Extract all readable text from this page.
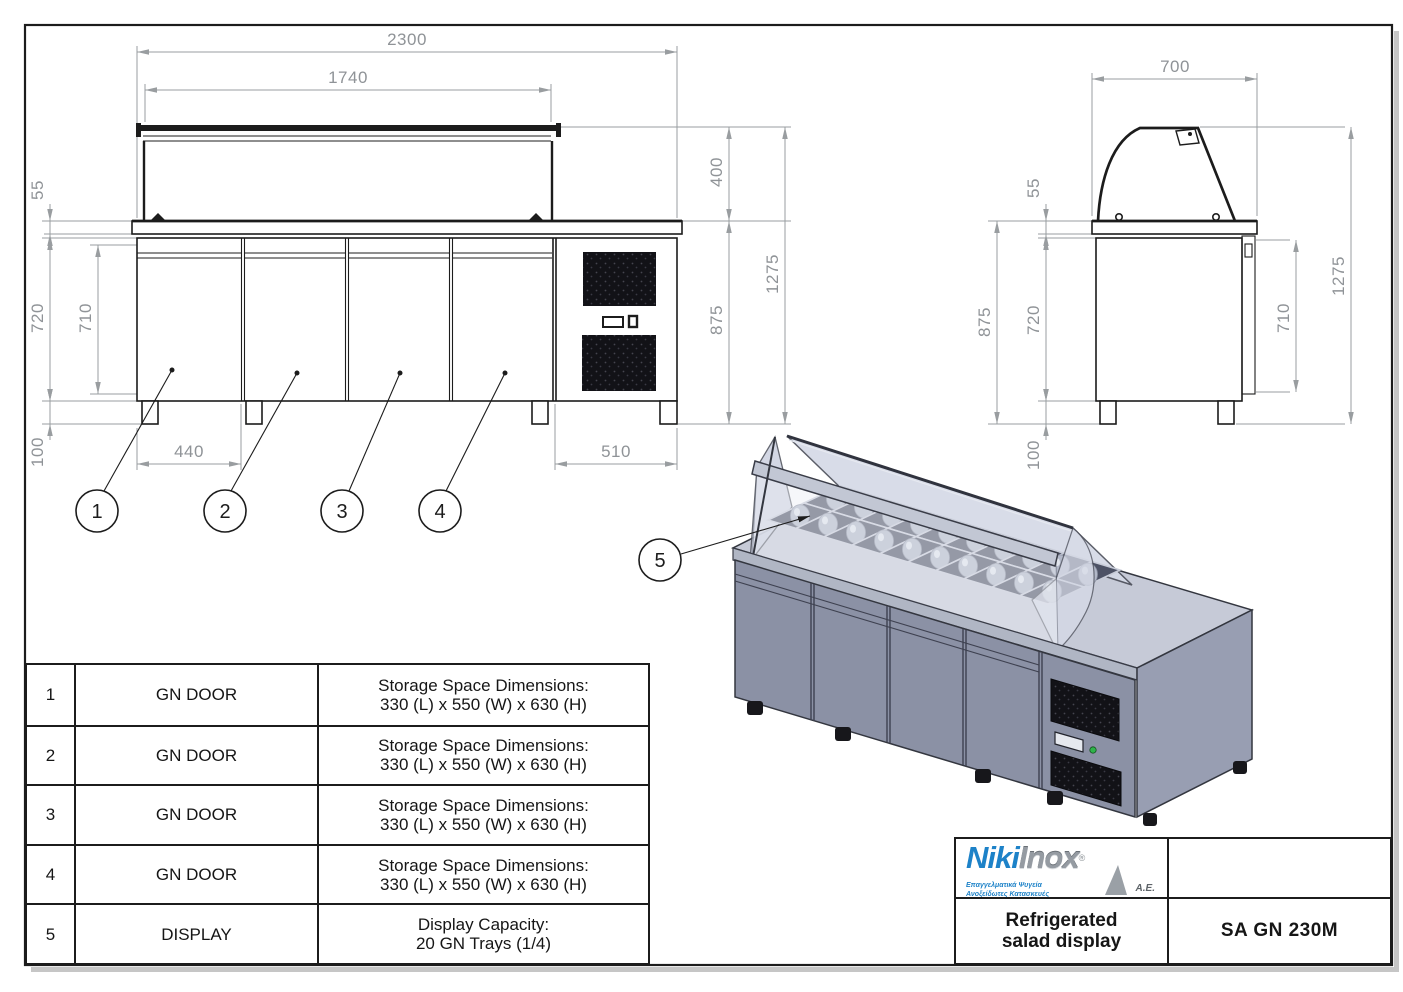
2300
1740
55
720 710
100	440	510
400
875
1275
1	2	3	4
700
55
875 720
100
710
1275
5
1	GN DOOR	Storage Space Dimensions:
330 (L) x 550 (W) x 630 (H)
2	GN DOOR	Storage Space Dimensions:
330 (L) x 550 (W) x 630 (H)
3	GN DOOR	Storage Space Dimensions:
330 (L) x 550 (W) x 630 (H)
4	GN DOOR	Storage Space Dimensions:
330 (L) x 550 (W) x 630 (H)
5	DISPLAY	Display Capacity:
20 GN Trays (1/4)
NikiInox®
Επαγγελματικά Ψυγεία
Ανοξείδωτες Κατασκευές
Α.Ε.
Refrigerated
salad display
SA GN 230M
